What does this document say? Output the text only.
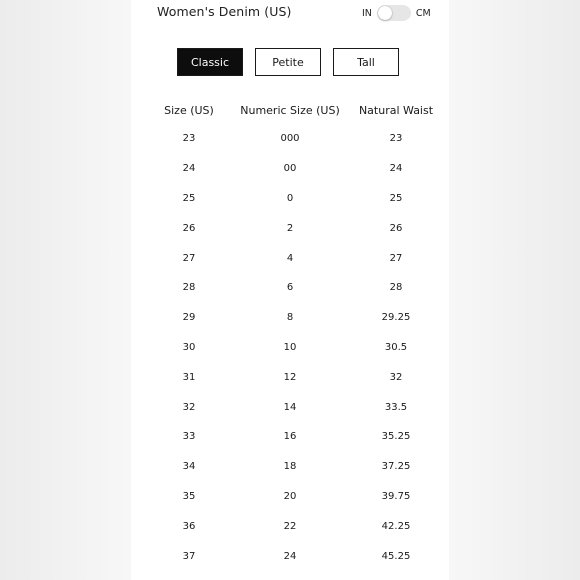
Women's Denim (US)	IN	CM
Classic	Petite	Tall
Size (US)	Numeric Size (US)	Natural Waist
23	000	23
24	00	24
25	0	25
26	2	26
27	4	27
28	6	28
29	8	29.25
30	10	30.5
31	12	32
32	14	33.5
33	16	35.25
34	18	37.25
35	20	39.75
36	22	42.25
37	24	45.25
